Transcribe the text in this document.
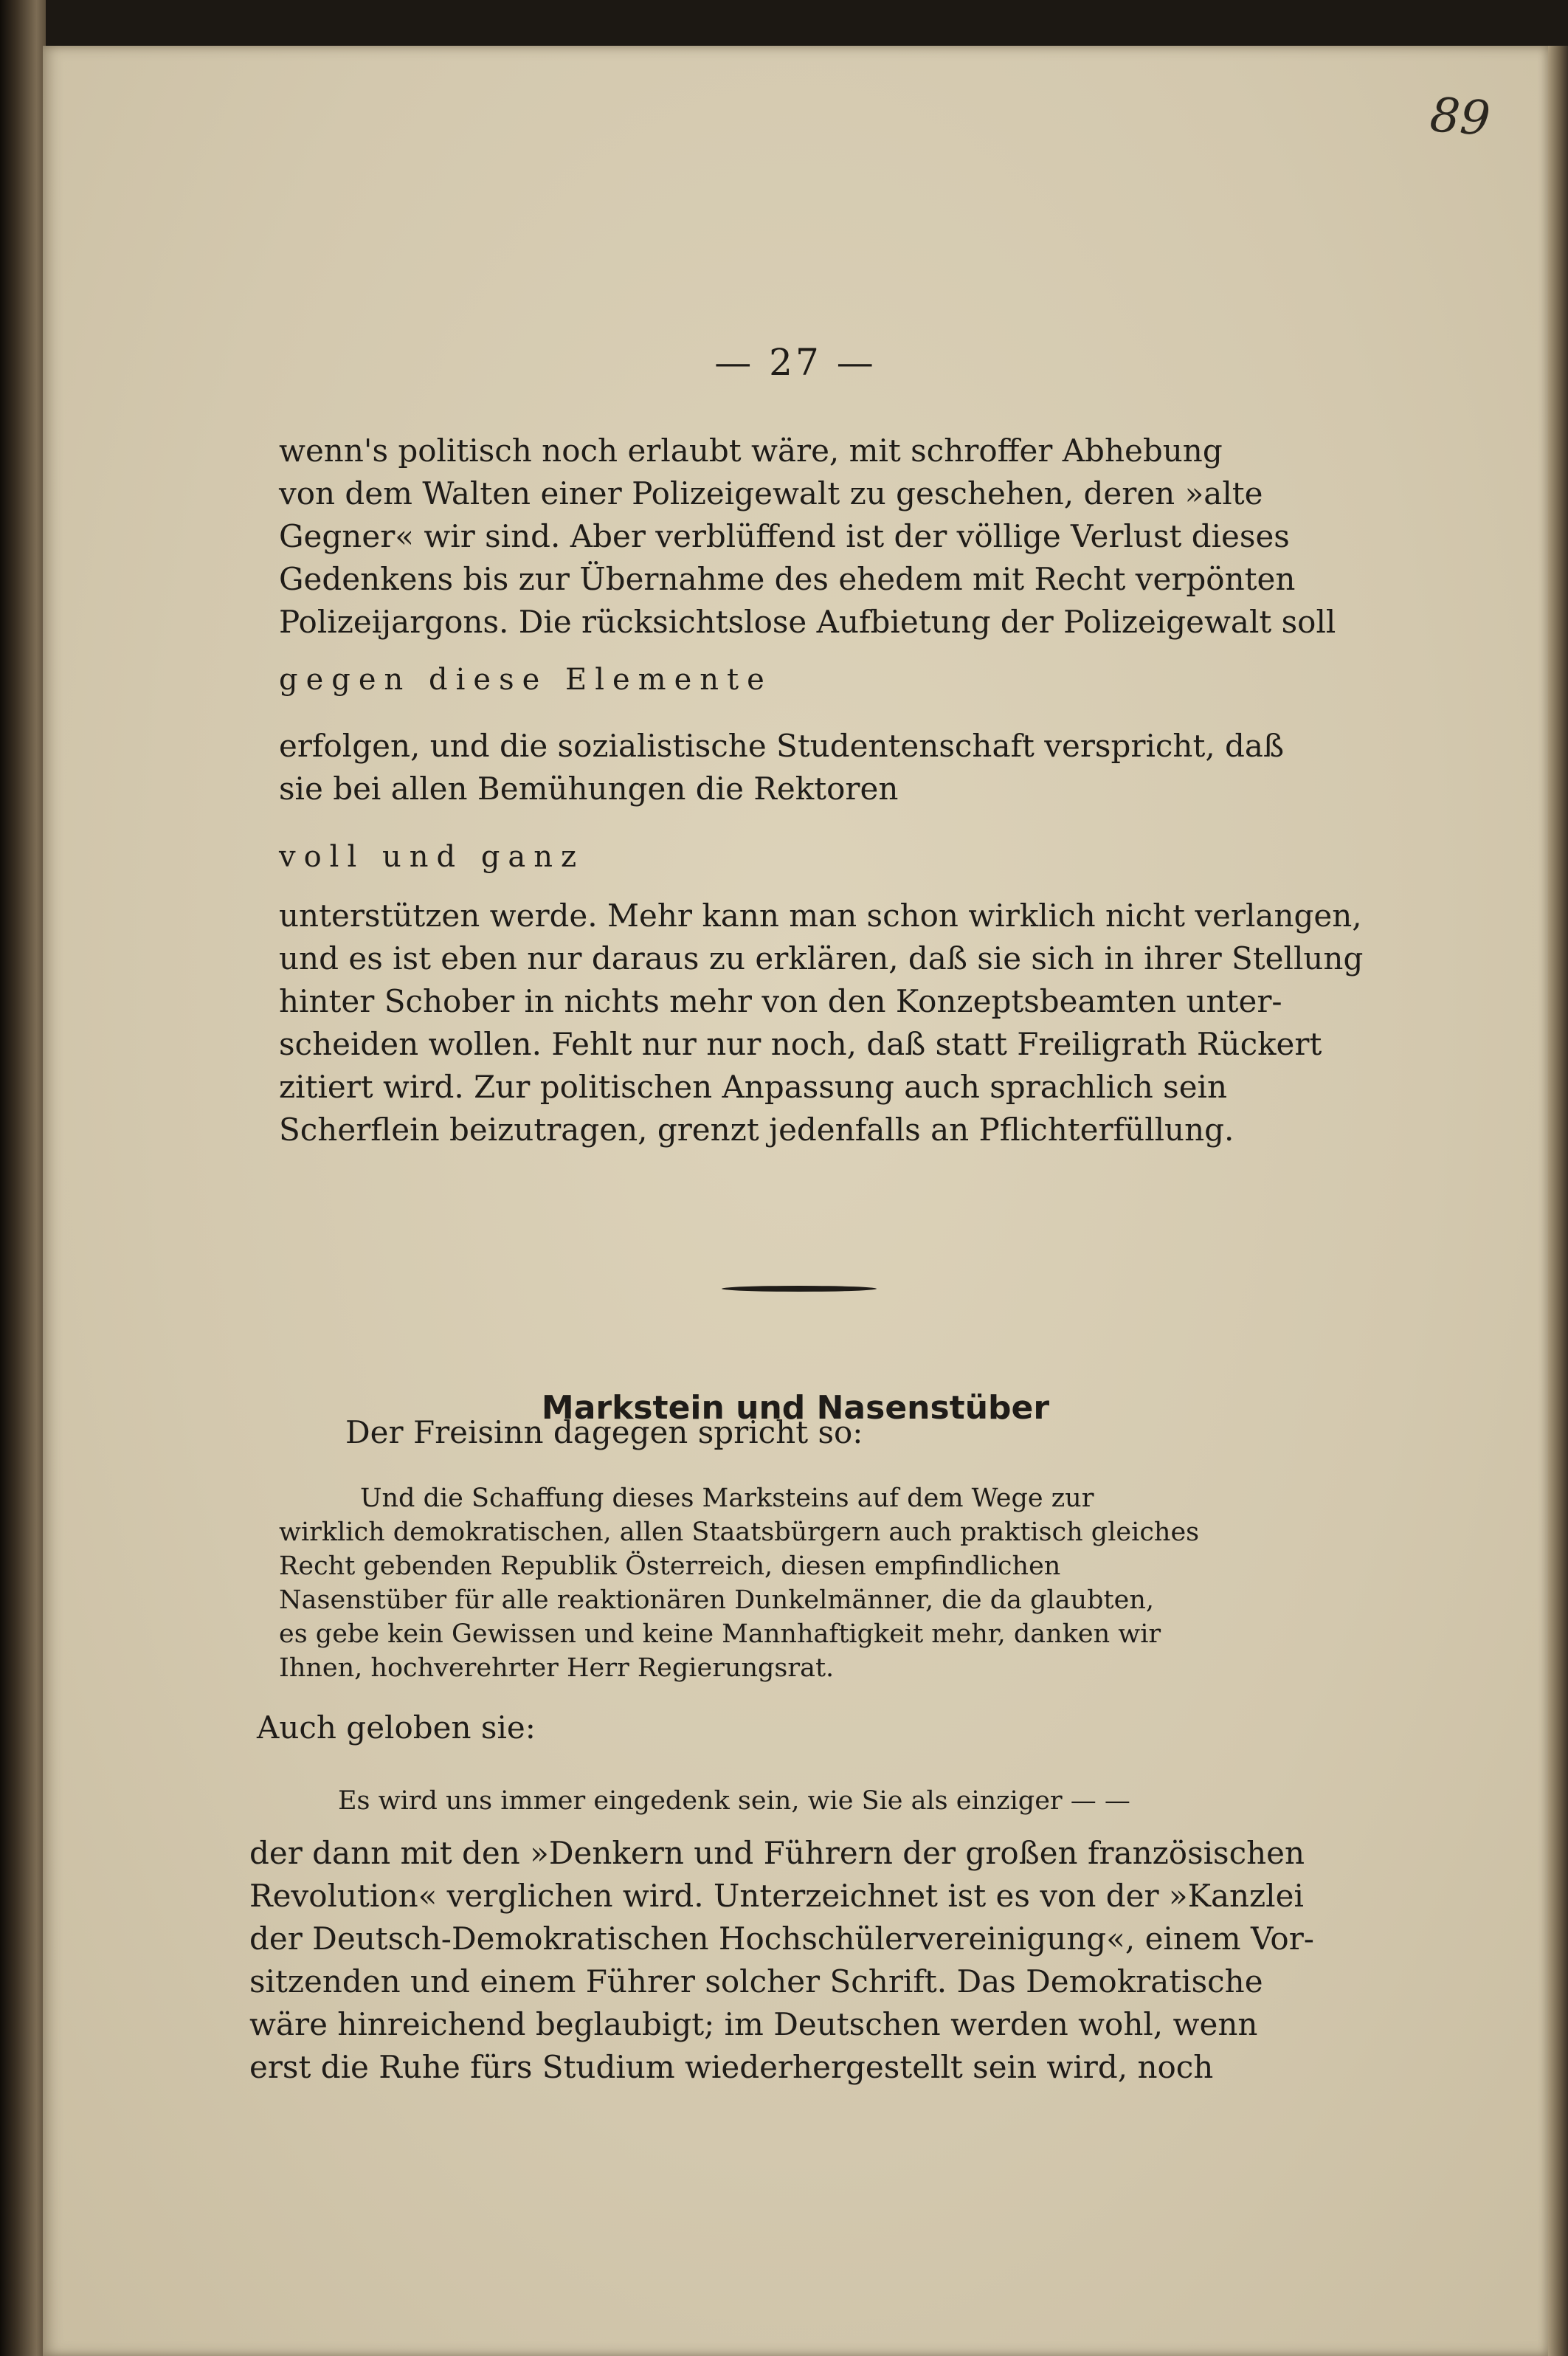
89
— 27 —
wenn's politisch noch erlaubt wäre, mit schroffer Abhebung
von dem Walten einer Polizeigewalt zu geschehen, deren »alte
Gegner« wir sind. Aber verblüffend ist der völlige Verlust dieses
Gedenkens bis zur Übernahme des ehedem mit Recht verpönten
Polizeijargons. Die rücksichtslose Aufbietung der Polizeigewalt soll
gegen diese Elemente
erfolgen, und die sozialistische Studentenschaft verspricht, daß
sie bei allen Bemühungen die Rektoren
voll und ganz
unterstützen werde. Mehr kann man schon wirklich nicht verlangen,
und es ist eben nur daraus zu erklären, daß sie sich in ihrer Stellung
hinter Schober in nichts mehr von den Konzeptsbeamten unter-
scheiden wollen. Fehlt nur nur noch, daß statt Freiligrath Rückert
zitiert wird. Zur politischen Anpassung auch sprachlich sein
Scherflein beizutragen, grenzt jedenfalls an Pflichterfüllung.
Markstein und Nasenstüber
Der Freisinn dagegen spricht so:
Und die Schaffung dieses Marksteins auf dem Wege zur
wirklich demokratischen, allen Staatsbürgern auch praktisch gleiches
Recht gebenden Republik Österreich, diesen empfindlichen
Nasenstüber für alle reaktionären Dunkelmänner, die da glaubten,
es gebe kein Gewissen und keine Mannhaftigkeit mehr, danken wir
Ihnen, hochverehrter Herr Regierungsrat.
Auch geloben sie:
Es wird uns immer eingedenk sein, wie Sie als einziger — —
der dann mit den »Denkern und Führern der großen französischen
Revolution« verglichen wird. Unterzeichnet ist es von der »Kanzlei
der Deutsch-Demokratischen Hochschülervereinigung«, einem Vor-
sitzenden und einem Führer solcher Schrift. Das Demokratische
wäre hinreichend beglaubigt; im Deutschen werden wohl, wenn
erst die Ruhe fürs Studium wiederhergestellt sein wird, noch
